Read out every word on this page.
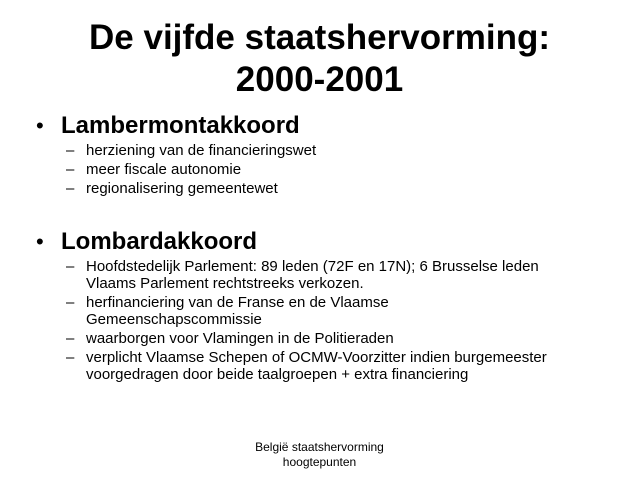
De vijfde staatshervorming:
2000-2001
• Lambermontakkoord
– herziening van de financieringswet
– meer fiscale autonomie
– regionalisering gemeentewet
• Lombardakkoord
– Hoofdstedelijk Parlement: 89 leden (72F en 17N); 6 Brusselse leden
Vlaams Parlement rechtstreeks verkozen.
– herfinanciering van de Franse en de Vlaamse
Gemeenschapscommissie
– waarborgen voor Vlamingen in de Politieraden
– verplicht Vlaamse Schepen of OCMW-Voorzitter indien burgemeester
voorgedragen door beide taalgroepen + extra financiering
België staatshervorming
hoogtepunten
